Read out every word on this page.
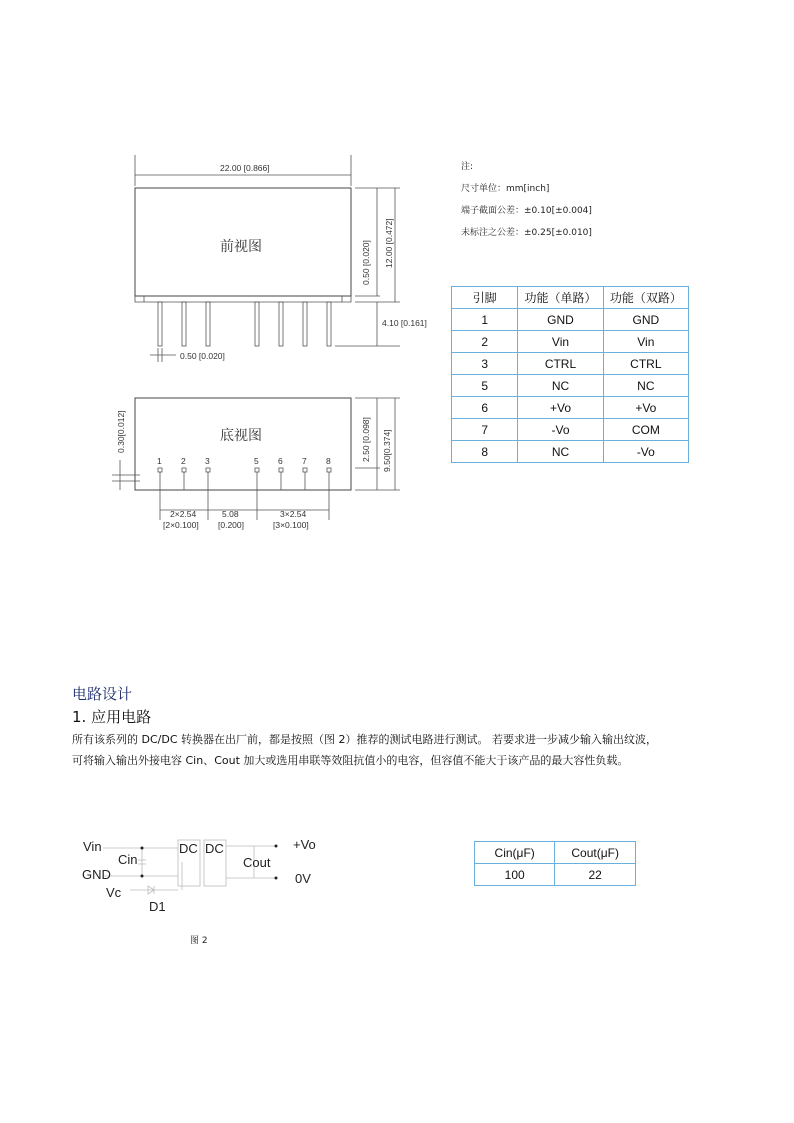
22.00 [0.866]
前视图	12.00 [0.472]
0.50 [0.020]
4.10 [0.161]
0.50 [0.020]
底视图
0.30[0.012]	2.50 [0.098] 9.50[0.374]
1 2 3	5 6 7 8
2×2.54
[2×0.100]
5.08
[0.200]
3×2.54
[3×0.100]
注:
尺寸单位：mm[inch]
端子截面公差：±0.10[±0.004]
未标注之公差：±0.25[±0.010]
引脚	功能（单路）	功能（双路）
1	GND	GND
2	Vin	Vin
3	CTRL	CTRL
5	NC	NC
6	+Vo	+Vo
7	-Vo	COM
8	NC	-Vo
电路设计
1. 应用电路
所有该系列的 DC/DC 转换器在出厂前，都是按照（图 2）推荐的测试电路进行测试。 若要求进一步减少输入输出纹波，
可将输入输出外接电容 Cin、Cout 加大或选用串联等效阻抗值小的电容，但容值不能大于该产品的最大容性负载。
Vin
Cin
GND
Vc
D1
DC DC
Cout
+Vo
0V
图 2
Cin(μF)	Cout(μF)
100	22
